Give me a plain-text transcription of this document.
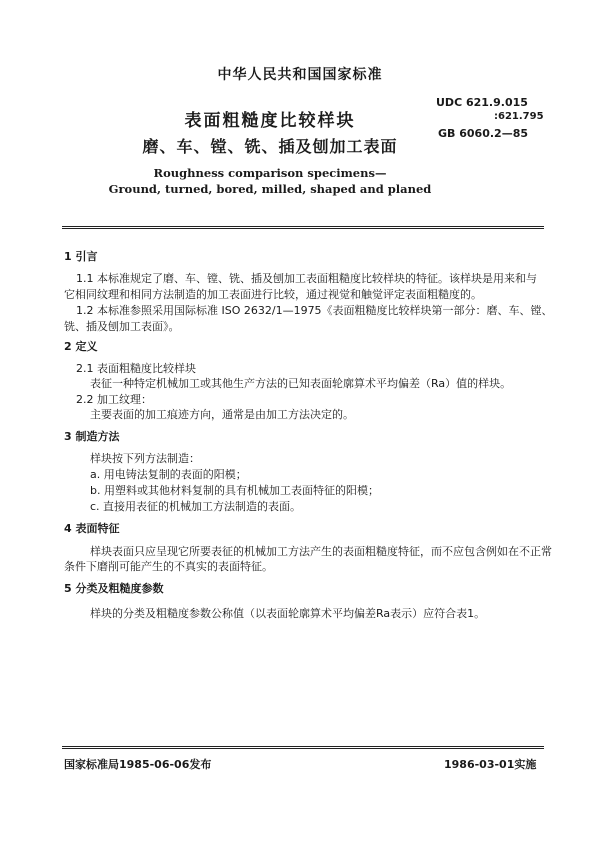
中华人民共和国国家标准
UDC 621.9.015
:621.795
GB 6060.2—85
表面粗糙度比较样块
磨、车、镗、铣、插及刨加工表面
Roughness comparison specimens—
Ground, turned, bored, milled, shaped and planed
1 引言
1.1 本标准规定了磨、车、镗、铣、插及刨加工表面粗糙度比较样块的特征。该样块是用来和与
它相同纹理和相同方法制造的加工表面进行比较，通过视觉和触觉评定表面粗糙度的。
1.2 本标准参照采用国际标准 ISO 2632/1—1975《表面粗糙度比较样块第一部分：磨、车、镗、
铣、插及刨加工表面》。
2 定义
2.1 表面粗糙度比较样块
表征一种特定机械加工或其他生产方法的已知表面轮廓算术平均偏差（Ra）值的样块。
2.2 加工纹理：
主要表面的加工痕迹方向，通常是由加工方法决定的。
3 制造方法
样块按下列方法制造：
a. 用电铸法复制的表面的阳模；
b. 用塑料或其他材料复制的具有机械加工表面特征的阳模；
c. 直接用表征的机械加工方法制造的表面。
4 表面特征
样块表面只应呈现它所要表征的机械加工方法产生的表面粗糙度特征，而不应包含例如在不正常
条件下磨削可能产生的不真实的表面特征。
5 分类及粗糙度参数
样块的分类及粗糙度参数公称值（以表面轮廓算术平均偏差Ra表示）应符合表1。
国家标准局1985-06-06发布	1986-03-01实施
